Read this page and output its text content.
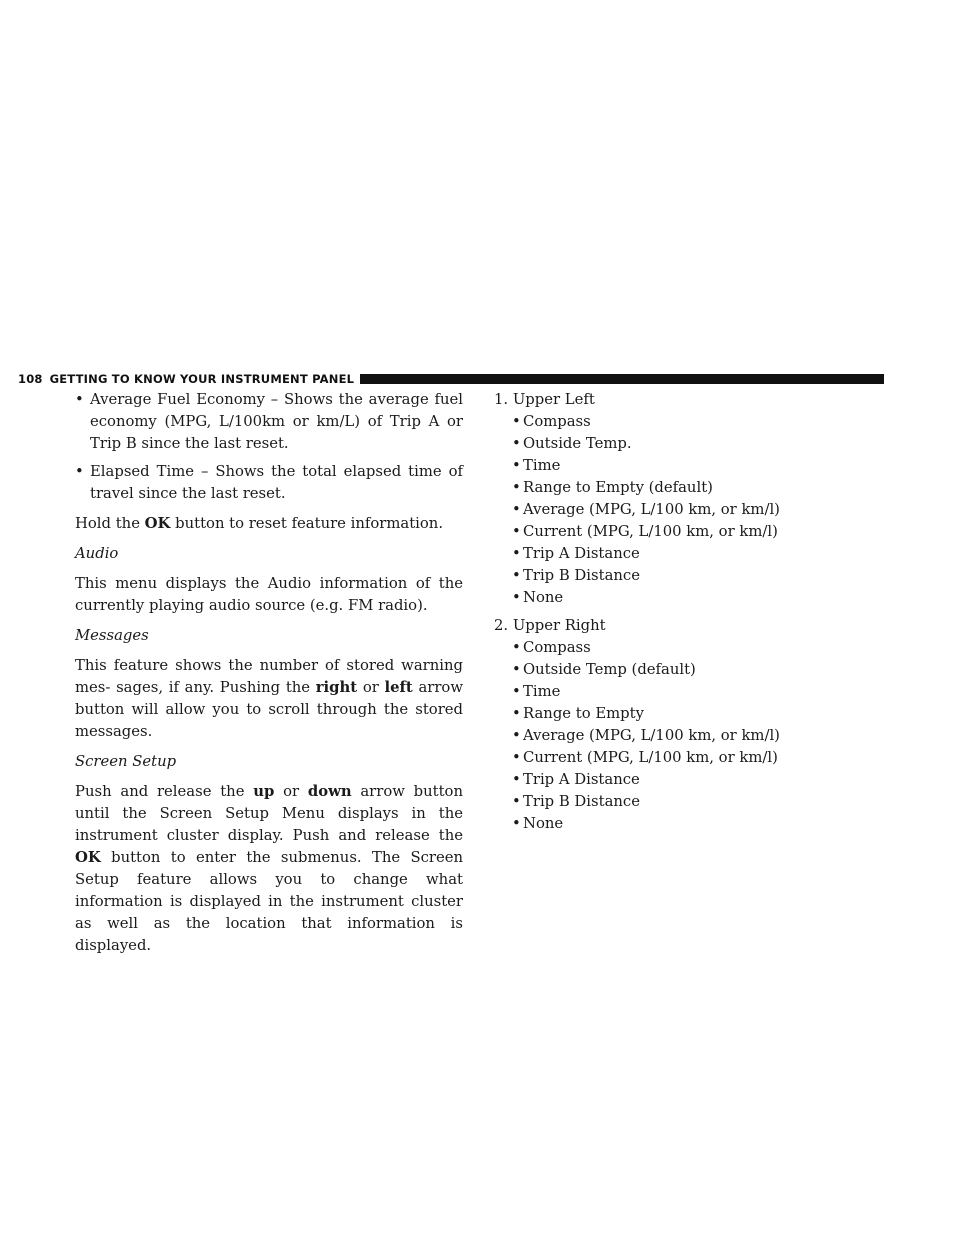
108 GETTING TO KNOW YOUR INSTRUMENT PANEL
• Average Fuel Economy – Shows the average fuel economy (MPG, L/100km or km/L) of Trip A or Trip B since the last reset.
• Elapsed Time – Shows the total elapsed time of travel since the last reset.

Hold the OK button to reset feature information.

Audio

This menu displays the Audio information of the currently playing audio source (e.g. FM radio).

Messages

This feature shows the number of stored warning mes- sages, if any. Pushing the right or left arrow button will allow you to scroll through the stored messages.

Screen Setup

Push and release the up or down arrow button until the Screen Setup Menu displays in the instrument cluster display. Push and release the OK button to enter the submenus. The Screen Setup feature allows you to change what information is displayed in the instrument cluster as well as the location that information is displayed.

1. Upper Left
• Compass
• Outside Temp.
• Time
• Range to Empty (default)
• Average (MPG, L/100 km, or km/l)
• Current (MPG, L/100 km, or km/l)
• Trip A Distance
• Trip B Distance
• None
2. Upper Right
• Compass
• Outside Temp (default)
• Time
• Range to Empty
• Average (MPG, L/100 km, or km/l)
• Current (MPG, L/100 km, or km/l)
• Trip A Distance
• Trip B Distance
• None
